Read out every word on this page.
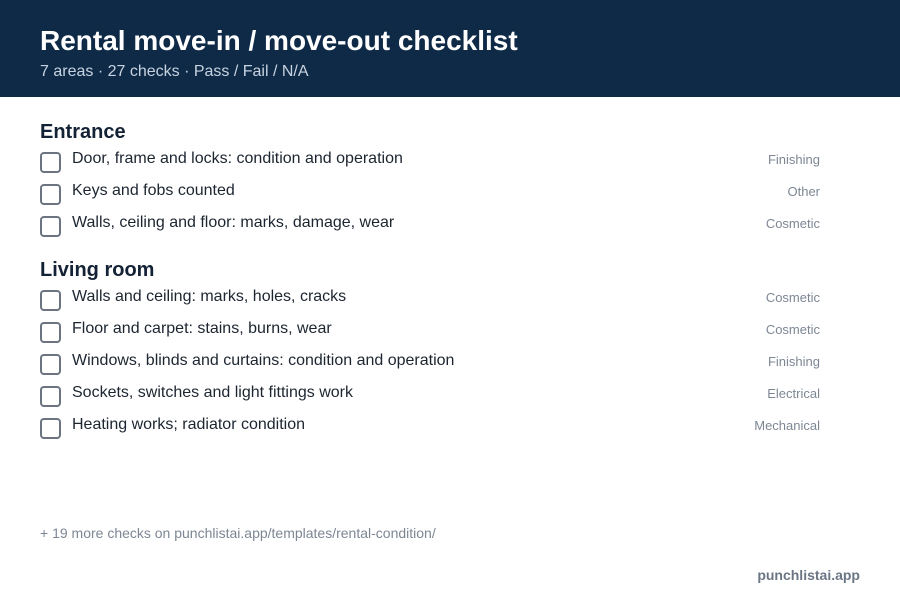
Rental move-in / move-out checklist
7 areas · 27 checks · Pass / Fail / N/A
Entrance
Door, frame and locks: condition and operation	Finishing
Keys and fobs counted	Other
Walls, ceiling and floor: marks, damage, wear	Cosmetic
Living room
Walls and ceiling: marks, holes, cracks	Cosmetic
Floor and carpet: stains, burns, wear	Cosmetic
Windows, blinds and curtains: condition and operation	Finishing
Sockets, switches and light fittings work	Electrical
Heating works; radiator condition	Mechanical
+ 19 more checks on punchlistai.app/templates/rental-condition/
punchlistai.app
